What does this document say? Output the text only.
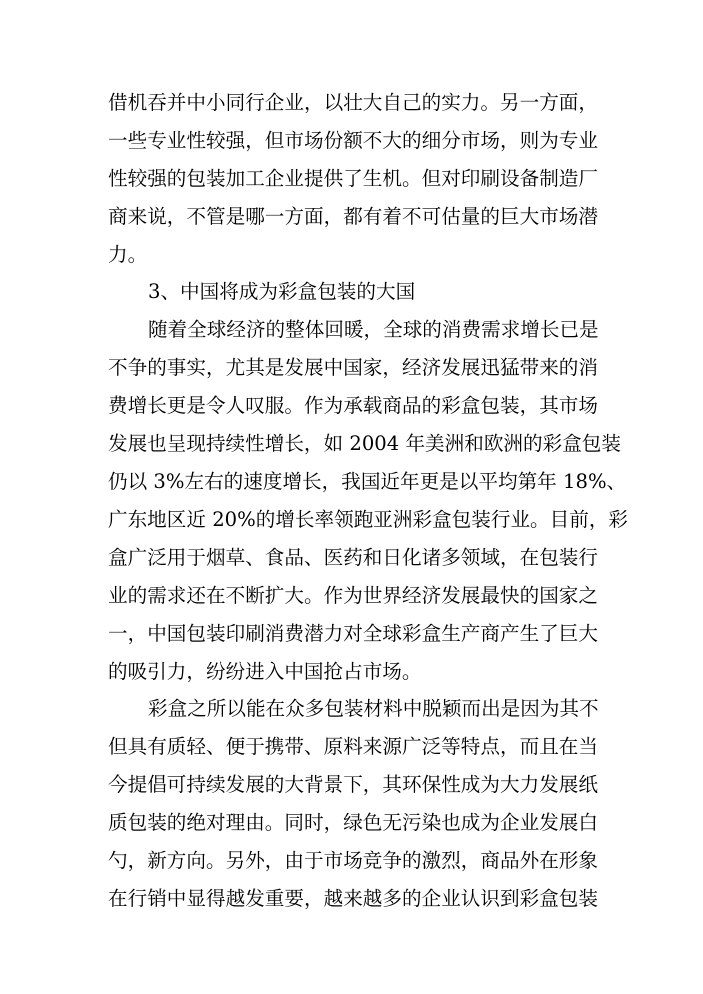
借机吞并中小同行企业，以壮大自己的实力。另一方面，
一些专业性较强，但市场份额不大的细分市场，则为专业
性较强的包装加工企业提供了生机。但对印刷设备制造厂
商来说，不管是哪一方面，都有着不可估量的巨大市场潜
力。
3、中国将成为彩盒包装的大国
随着全球经济的整体回暖，全球的消费需求增长已是
不争的事实，尤其是发展中国家，经济发展迅猛带来的消
费增长更是令人叹服。作为承载商品的彩盒包装，其市场
发展也呈现持续性增长，如 2004 年美洲和欧洲的彩盒包装
仍以 3%左右的速度增长，我国近年更是以平均第年 18%、
广东地区近 20%的增长率领跑亚洲彩盒包装行业。目前，彩
盒广泛用于烟草、食品、医药和日化诸多领域，在包装行
业的需求还在不断扩大。作为世界经济发展最快的国家之
一，中国包装印刷消费潜力对全球彩盒生产商产生了巨大
的吸引力，纷纷进入中国抢占市场。
彩盒之所以能在众多包装材料中脱颖而出是因为其不
但具有质轻、便于携带、原料来源广泛等特点，而且在当
今提倡可持续发展的大背景下，其环保性成为大力发展纸
质包装的绝对理由。同时，绿色无污染也成为企业发展白
勺，新方向。另外，由于市场竞争的激烈，商品外在形象
在行销中显得越发重要，越来越多的企业认识到彩盒包装
